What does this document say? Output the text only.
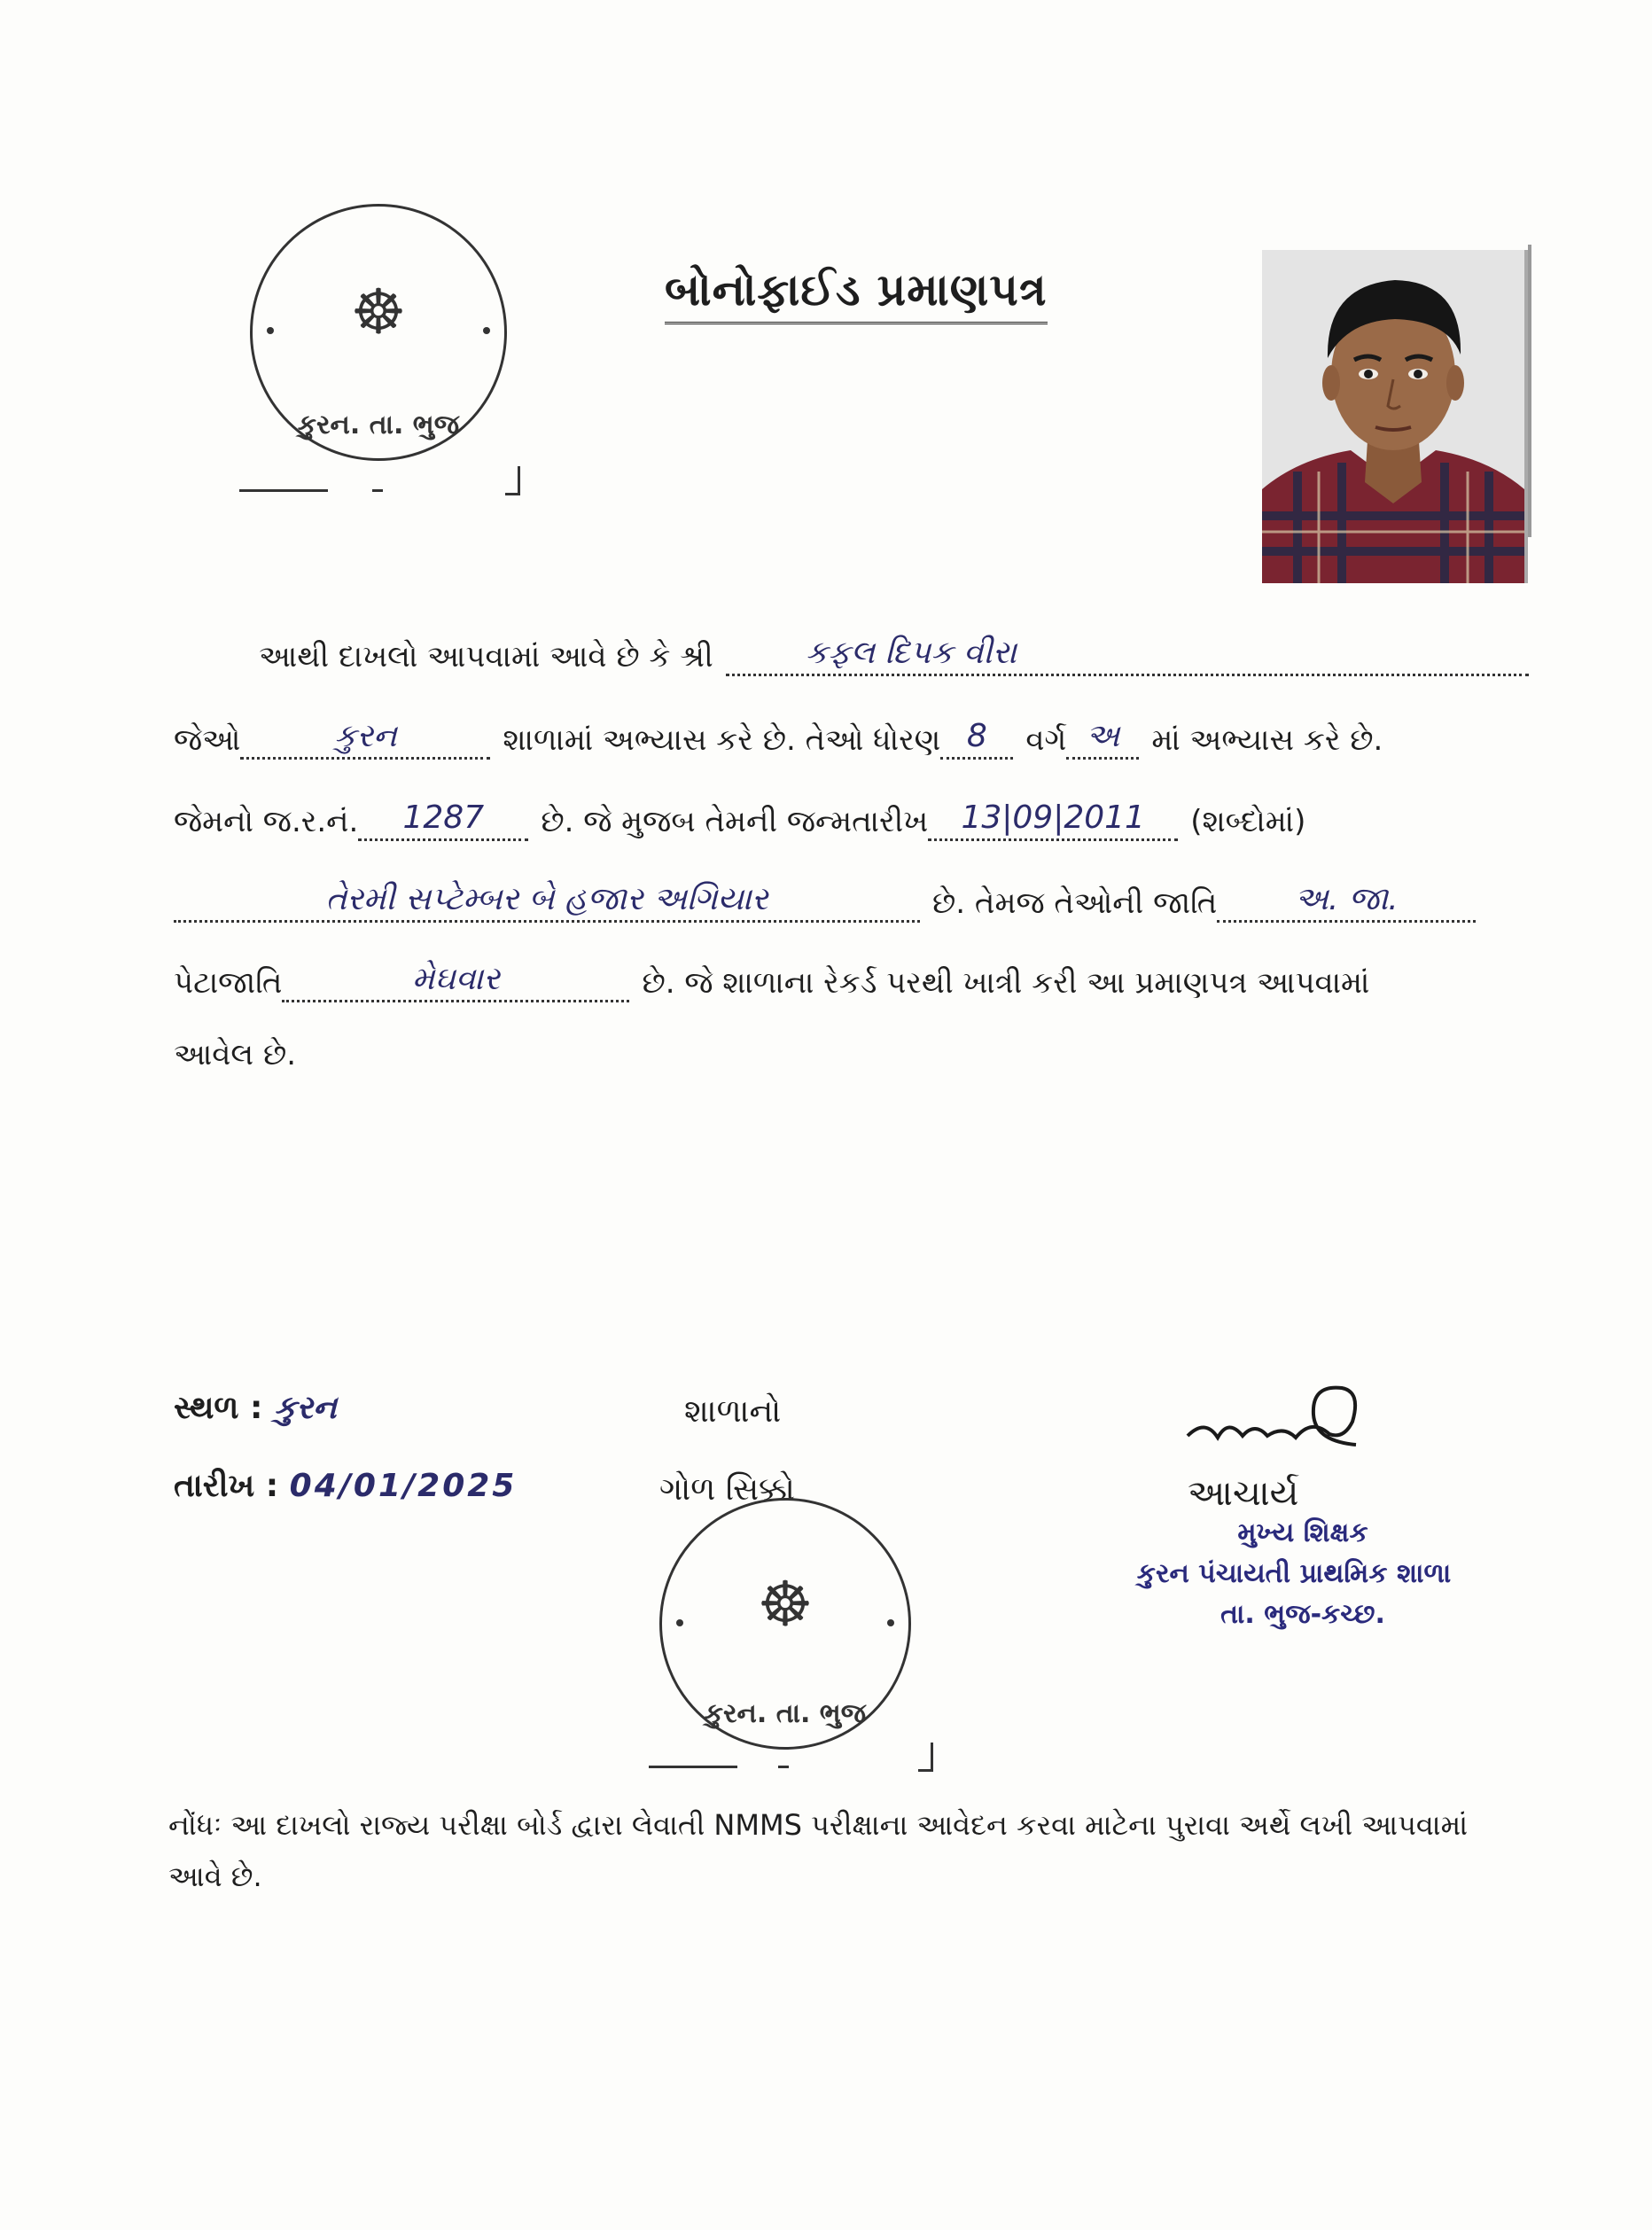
☸
કુરન. તા. ભુજ
બોનોફાઈડ પ્રમાણપત્ર
આથી દાખલો આપવામાં આવે છે કે શ્રી	કફલ દિપક વીરા
જેઓ	કુરન	શાળામાં અભ્યાસ કરે છે. તેઓ ધોરણ 8	વર્ગ અ	માં અભ્યાસ કરે છે.
જેમનો જ.ર.નં.	1287	છે. જે મુજબ તેમની જન્મતારીખ	13|09|2011	(શબ્દોમાં)
તેરમી સપ્ટેમ્બર બે હજાર અગિયાર	છે. તેમજ તેઓની જાતિ	અ. જા.
પેટાજાતિ	મેઘવાર	છે. જે શાળાના રેકર્ડ પરથી ખાત્રી કરી આ પ્રમાણપત્ર આપવામાં
આવેલ છે.
સ્થળ : કુરન
તારીખ : 04/01/2025
શાળાનો
ગોળ સિક્કો
☸
કુરન. તા. ભુજ
આચાર્ય
મુખ્ય શિક્ષક
કુરન પંચાયતી પ્રાથમિક શાળા
તા. ભુજ-કચ્છ.
નોંધઃ આ દાખલો રાજ્ય પરીક્ષા બોર્ડ દ્વારા લેવાતી NMMS પરીક્ષાના આવેદન કરવા માટેના પુરાવા અર્થે લખી આપવામાં આવે છે.
